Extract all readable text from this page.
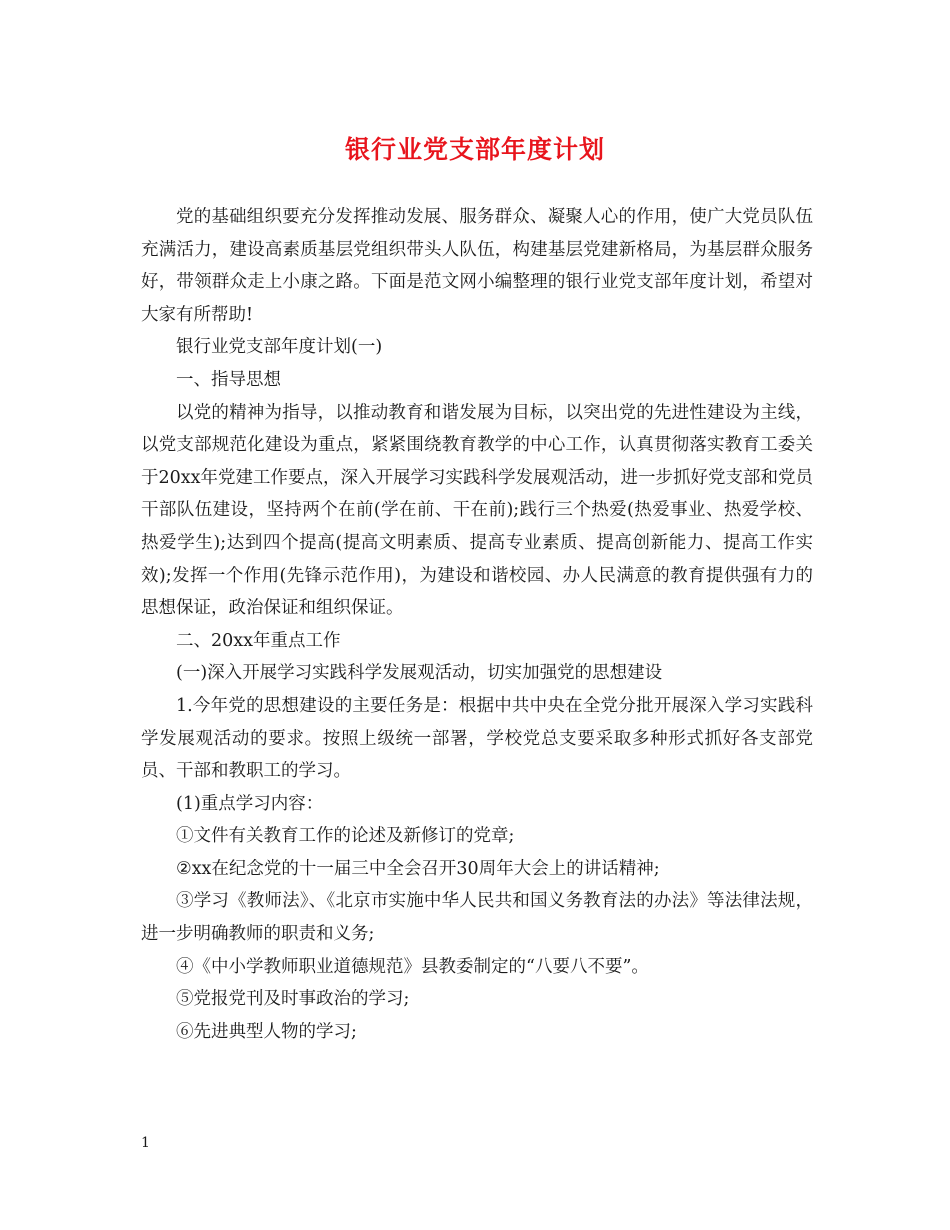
银行业党支部年度计划

党的基础组织要充分发挥推动发展、服务群众、凝聚人心的作用，使广大党员队伍充满活力，建设高素质基层党组织带头人队伍，构建基层党建新格局，为基层群众服务好，带领群众走上小康之路。下面是范文网小编整理的银行业党支部年度计划，希望对大家有所帮助!

银行业党支部年度计划(一)

一、指导思想

以党的精神为指导，以推动教育和谐发展为目标，以突出党的先进性建设为主线，以党支部规范化建设为重点，紧紧围绕教育教学的中心工作，认真贯彻落实教育工委关于20xx年党建工作要点，深入开展学习实践科学发展观活动，进一步抓好党支部和党员干部队伍建设，坚持两个在前(学在前、干在前);践行三个热爱(热爱事业、热爱学校、热爱学生);达到四个提高(提高文明素质、提高专业素质、提高创新能力、提高工作实效);发挥一个作用(先锋示范作用)，为建设和谐校园、办人民满意的教育提供强有力的思想保证，政治保证和组织保证。

二、20xx年重点工作

(一)深入开展学习实践科学发展观活动，切实加强党的思想建设

1.今年党的思想建设的主要任务是：根据中共中央在全党分批开展深入学习实践科学发展观活动的要求。按照上级统一部署，学校党总支要采取多种形式抓好各支部党员、干部和教职工的学习。

(1)重点学习内容：

①文件有关教育工作的论述及新修订的党章;

②xx在纪念党的十一届三中全会召开30周年大会上的讲话精神;

③学习《教师法》、《北京市实施中华人民共和国义务教育法的办法》等法律法规，进一步明确教师的职责和义务;

④《中小学教师职业道德规范》县教委制定的“八要八不要”。

⑤党报党刊及时事政治的学习;

⑥先进典型人物的学习;

1
